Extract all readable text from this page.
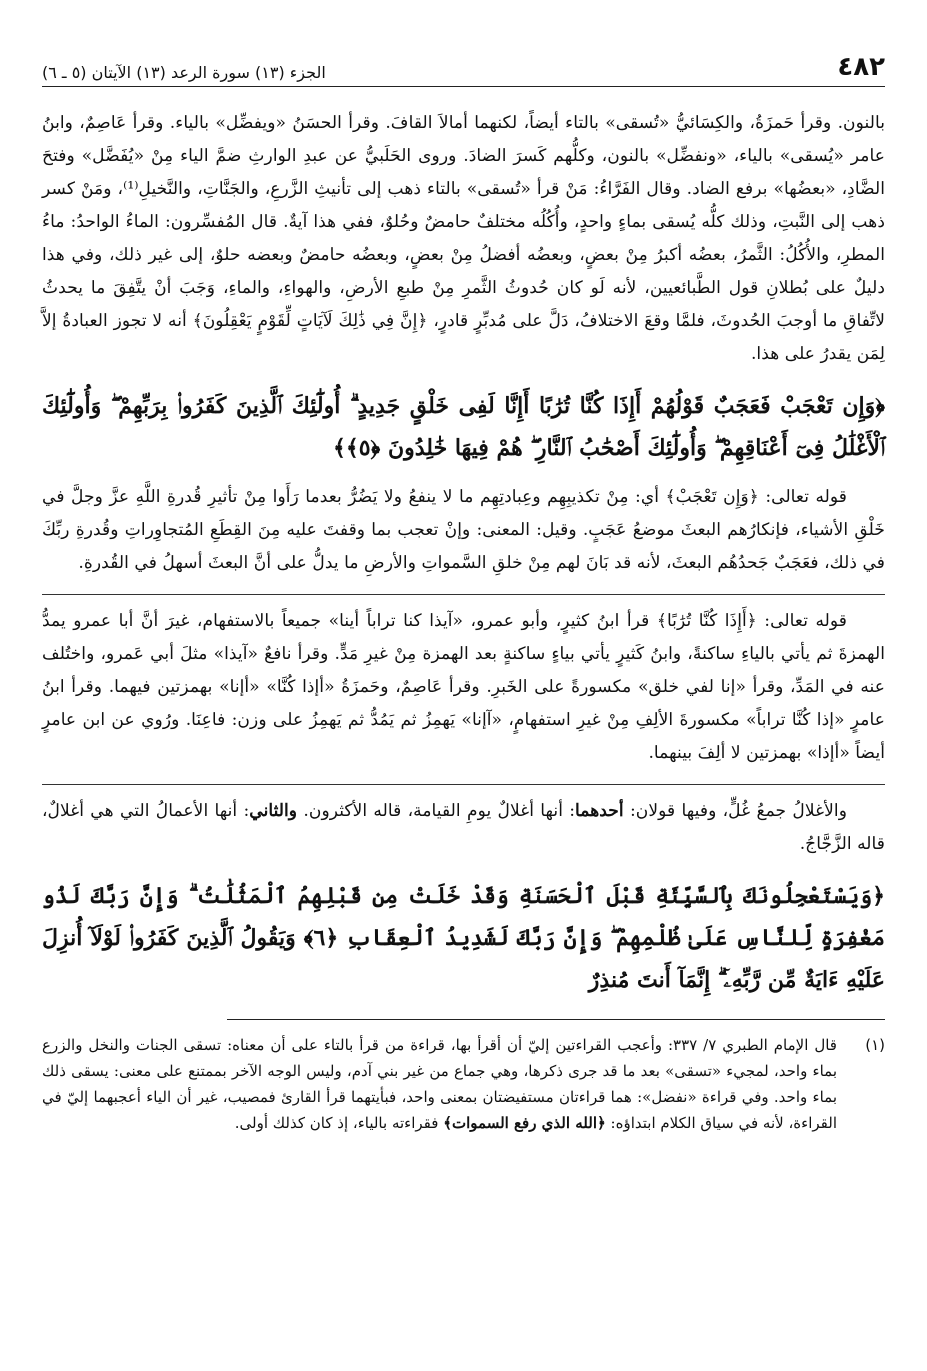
٤٨٢
الجزء (١٣) سورة الرعد (١٣) الآيتان (٥ ـ ٦)

بالنون. وقرأ حَمزَةُ، والكِسَائيُّ «تُسقى» بالتاء أيضاً، لكنهما أمالاَ القافَ. وقرأ الحسَنُ «ويفضِّل» بالياء. وقرأ عَاصِمٌ، وابنُ عامر «يُسقى» بالياء، «ونفضِّل» بالنون، وكلُّهم كَسرَ الضادَ. وروى الحَلَبيُّ عن عبدِ الوارثِ ضمَّ الياء مِنْ «يُفَضَّل» وفتحَ الضَّادِ، «بعضُها» برفع الضاد. وقال الفَرَّاءُ: مَنْ قرأ «تُسقى» بالتاء ذهب إلى تأنيثِ الزَّرعِ، والجَنَّاتِ، والنَّخيلِ⁽¹⁾، ومَنْ كسر ذهب إلى النَّبتِ، وذلك كلُّه يُسقى بماءٍ واحدٍ، وأُكُلُه مختلفٌ حامضٌ وحُلوٌ، ففي هذا آيةٌ. قال المُفسِّرون: الماءُ الواحدُ: ماءُ المطرِ، والأُكُلُ: الثَّمرُ، بعضُه أكبرُ مِنْ بعضٍ، وبعضُه أفضلُ مِنْ بعضٍ، وبعضُه حامضٌ وبعضه حلوٌ، إلى غير ذلك، وفي هذا دليلٌ على بُطلانِ قول الطَّبائعيين، لأنه لَو كان حُدوثُ الثَّمرِ مِنْ طبعِ الأرضِ، والهواءِ، والماءِ، وَجَبَ أنْ يتَّفِقَ ما يحدثُ لاتِّفاقِ ما أوجبَ الحُدوثَ، فلمَّا وقعَ الاختلافُ، دَلَّ على مُدبِّرٍ قادرٍ، ﴿إِنَّ فِي ذَٰلِكَ لَآيَاتٍ لِّقَوْمٍ يَعْقِلُونَ﴾ أنه لا تجوز العبادةُ إلاَّ لِمَن يقدرُ على هذا.

﴿وَإِن تَعْجَبْ فَعَجَبٌ قَوْلُهُمْ أَإِذَا كُنَّا تُرَٰبًا أَإِنَّا لَفِى خَلْقٍ جَدِيدٍ ۗ أُولَٰٓئِكَ ٱلَّذِينَ كَفَرُوا۟ بِرَبِّهِمْ ۖ وَأُولَٰٓئِكَ ٱلْأَغْلَٰلُ فِىٓ أَعْنَاقِهِمْ ۖ وَأُولَٰٓئِكَ أَصْحَٰبُ ٱلنَّارِ ۖ هُمْ فِيهَا خَٰلِدُونَ ﴿٥﴾﴾

قوله تعالى: ﴿وَإِن تَعْجَبْ﴾ أي: مِنْ تكذيبِهِم وعِبادتِهِم ما لا ينفعُ ولا يَضُرُّ بعدما رَأَوا مِنْ تأثيرِ قُدرةِ اللَّهِ عزَّ وجلَّ في خَلْقِ الأشياء، فإنكارُهم البعثَ موضعُ عَجَبٍ. وقيل: المعنى: وإنْ تعجب بما وقفتَ عليه مِنَ القِطَعِ المُتجاوِراتِ وقُدرةِ ربِّكَ في ذلك، فعَجَبٌ جَحدُهُم البعثَ، لأنه قد بَانَ لهم مِنْ خلقِ السَّمواتِ والأرضِ ما يدلُّ على أنَّ البعثَ أسهلُ في القُدرةِ.

قوله تعالى: ﴿أَإِذَا كُنَّا تُرَٰبًا﴾ قرأ ابنُ كثيرٍ، وأبو عمرو، «آيذا كنا تراباً أينا» جميعاً بالاستفهام، غيرَ أنَّ أبا عمرو يمدُّ الهمزةَ ثم يأتي بالياءِ ساكنةً، وابنُ كَثيرٍ يأتي بياءٍ ساكنةٍ بعد الهمزة مِنْ غيرِ مَدٍّ. وقرأ نافعٌ «آيذا» مثلَ أبي عَمرو، واختُلف عنه في المَدِّ، وقرأ «إنا لفي خلق» مكسورةً على الخَبرِ. وقرأ عَاصِمٌ، وحَمزَةُ «أإذا كُنَّا» «أإنا» بهمزتين فيهما. وقرأ ابنُ عامرٍ «إذا كُنَّا تراباً» مكسورةَ الألِفِ مِنْ غيرِ استفهامٍ، «آإنا» يَهمِزُ ثم يَمُدُّ ثم يَهمِزُ على وزن: فاعِنَا. ورُوي عن ابن عامرٍ أيضاً «أإذا» بهمزتين لا ألِفَ بينهما.

والأغلالُ جمعُ غُلٍّ، وفيها قولان: أحدهما: أنها أغلالٌ يومِ القيامة، قاله الأكثرون. والثاني: أنها الأعمالُ التي هي أغلالٌ، قاله الزَّجَّاجُ.

﴿وَيَسْتَعْجِلُونَكَ بِٱلسَّيِّئَةِ قَبْلَ ٱلْحَسَنَةِ وَقَدْ خَلَتْ مِن قَبْلِهِمُ ٱلْمَثُلَٰتُ ۗ وَإِنَّ رَبَّكَ لَذُو مَغْفِرَةٍ لِّلنَّاسِ عَلَىٰ ظُلْمِهِمْ ۖ وَإِنَّ رَبَّكَ لَشَدِيدُ ٱلْعِقَابِ ﴿٦﴾ وَيَقُولُ ٱلَّذِينَ كَفَرُوا۟ لَوْلَآ أُنزِلَ عَلَيْهِ ءَايَةٌ مِّن رَّبِّهِۦٓ ۗ إِنَّمَآ أَنتَ مُنذِرٌ

(١)
قال الإمام الطبري ٧/ ٣٣٧: وأعجب القراءتين إليّ أن أقرأ بها، قراءة من قرأ بالتاء على أن معناه: تسقى الجنات والنخل والزرع بماء واحد، لمجيء «تسقى» بعد ما قد جرى ذكرها، وهي جماع من غير بني آدم، وليس الوجه الآخر بممتنع على معنى: يسقى ذلك بماء واحد. وفي قراءة «نفضل»: هما قراءتان مستفيضتان بمعنى واحد، فبأيتهما قرأ القارئ فمصيب، غير أن الياء أعجبهما إليّ في القراءة، لأنه في سياق الكلام ابتداؤه: ﴿الله الذي رفع السموات﴾ فقراءته بالياء، إذ كان كذلك أولى.
